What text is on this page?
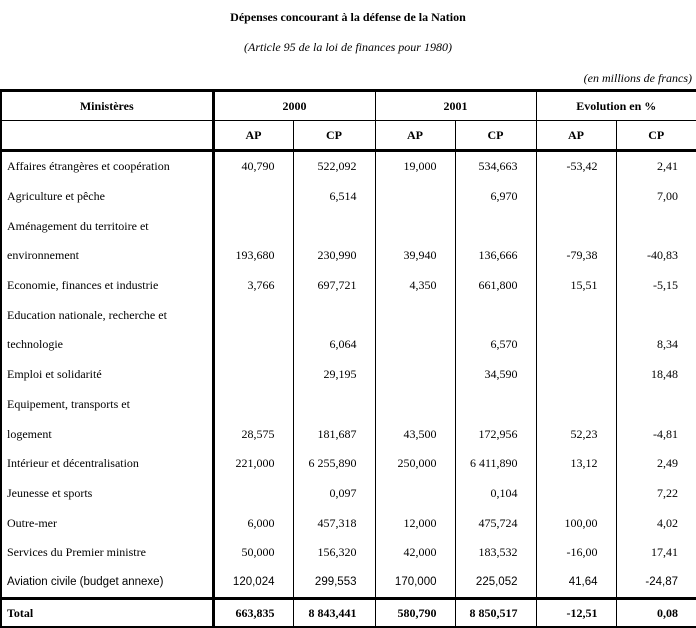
Dépenses concourant à la défense de la Nation
(Article 95 de la loi de finances pour 1980)
(en millions de francs)
Ministères	2000		2001		Evolution en %	
	AP	CP	AP	CP	AP	CP
Affaires étrangères et coopération	40,790	522,092	19,000	534,663	-53,42	2,41
Agriculture et pêche		6,514		6,970		7,00
Aménagement du territoire et						
environnement	193,680	230,990	39,940	136,666	-79,38	-40,83
Economie, finances et industrie	3,766	697,721	4,350	661,800	15,51	-5,15
Education nationale, recherche et						
technologie		6,064		6,570		8,34
Emploi et solidarité		29,195		34,590		18,48
Equipement, transports et						
logement	28,575	181,687	43,500	172,956	52,23	-4,81
Intérieur et décentralisation	221,000	6 255,890	250,000	6 411,890	13,12	2,49
Jeunesse et sports		0,097		0,104		7,22
Outre-mer	6,000	457,318	12,000	475,724	100,00	4,02
Services du Premier ministre	50,000	156,320	42,000	183,532	-16,00	17,41
Aviation civile (budget annexe)	120,024	299,553	170,000	225,052	41,64	-24,87
Total	663,835	8 843,441	580,790	8 850,517	-12,51	0,08
